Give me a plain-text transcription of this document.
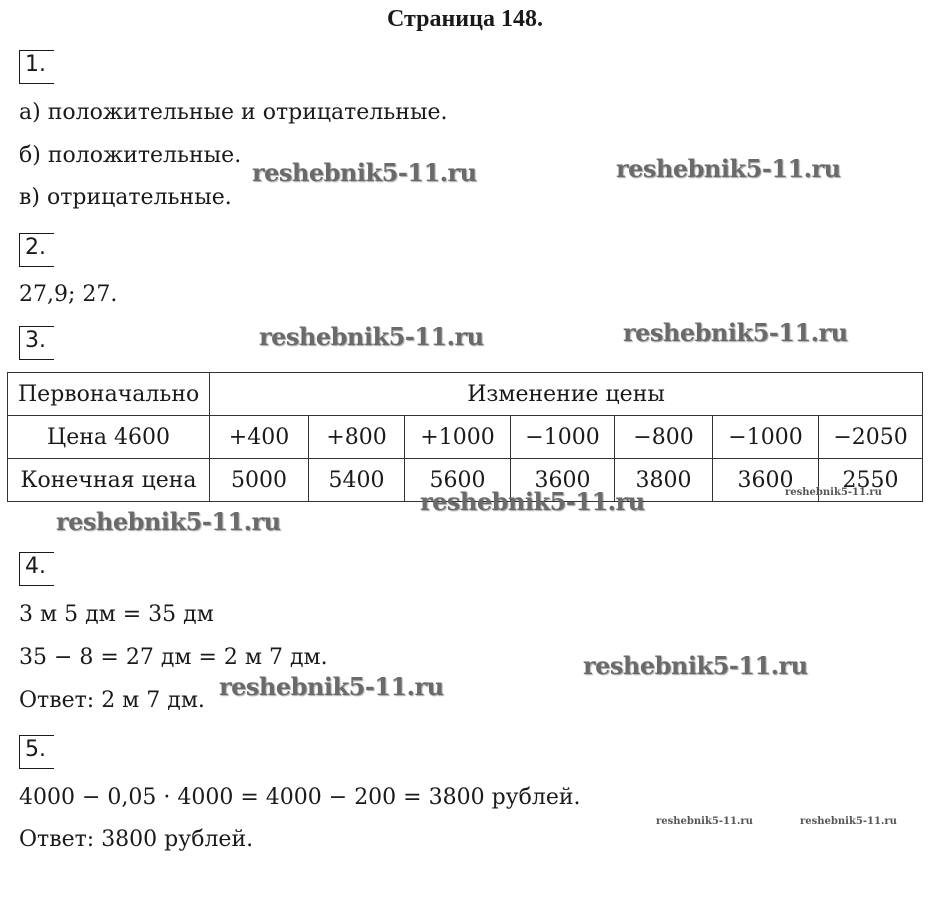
Страница 148.
1.
а) положительные и отрицательные.
б) положительные.
в) отрицательные.
2.
27,9; 27.
3.
Первоначально	Изменение цены						
Цена 4600	+400	+800	+1000	−1000	−800	−1000	−2050
Конечная цена	5000	5400	5600	3600	3800	3600	2550
4.
3 м 5 дм = 35 дм
35 − 8 = 27 дм = 2 м 7 дм.
Ответ: 2 м 7 дм.
5.
4000 − 0,05 · 4000 = 4000 − 200 = 3800 рублей.
Ответ: 3800 рублей.
reshebnik5-11.ru	reshebnik5-11.ru
reshebnik5-11.ru	reshebnik5-11.ru
reshebnik5-11.ru
reshebnik5-11.ru
reshebnik5-11.ru
reshebnik5-11.ru
reshebnik5-11.ru
reshebnik5-11.ru	reshebnik5-11.ru
